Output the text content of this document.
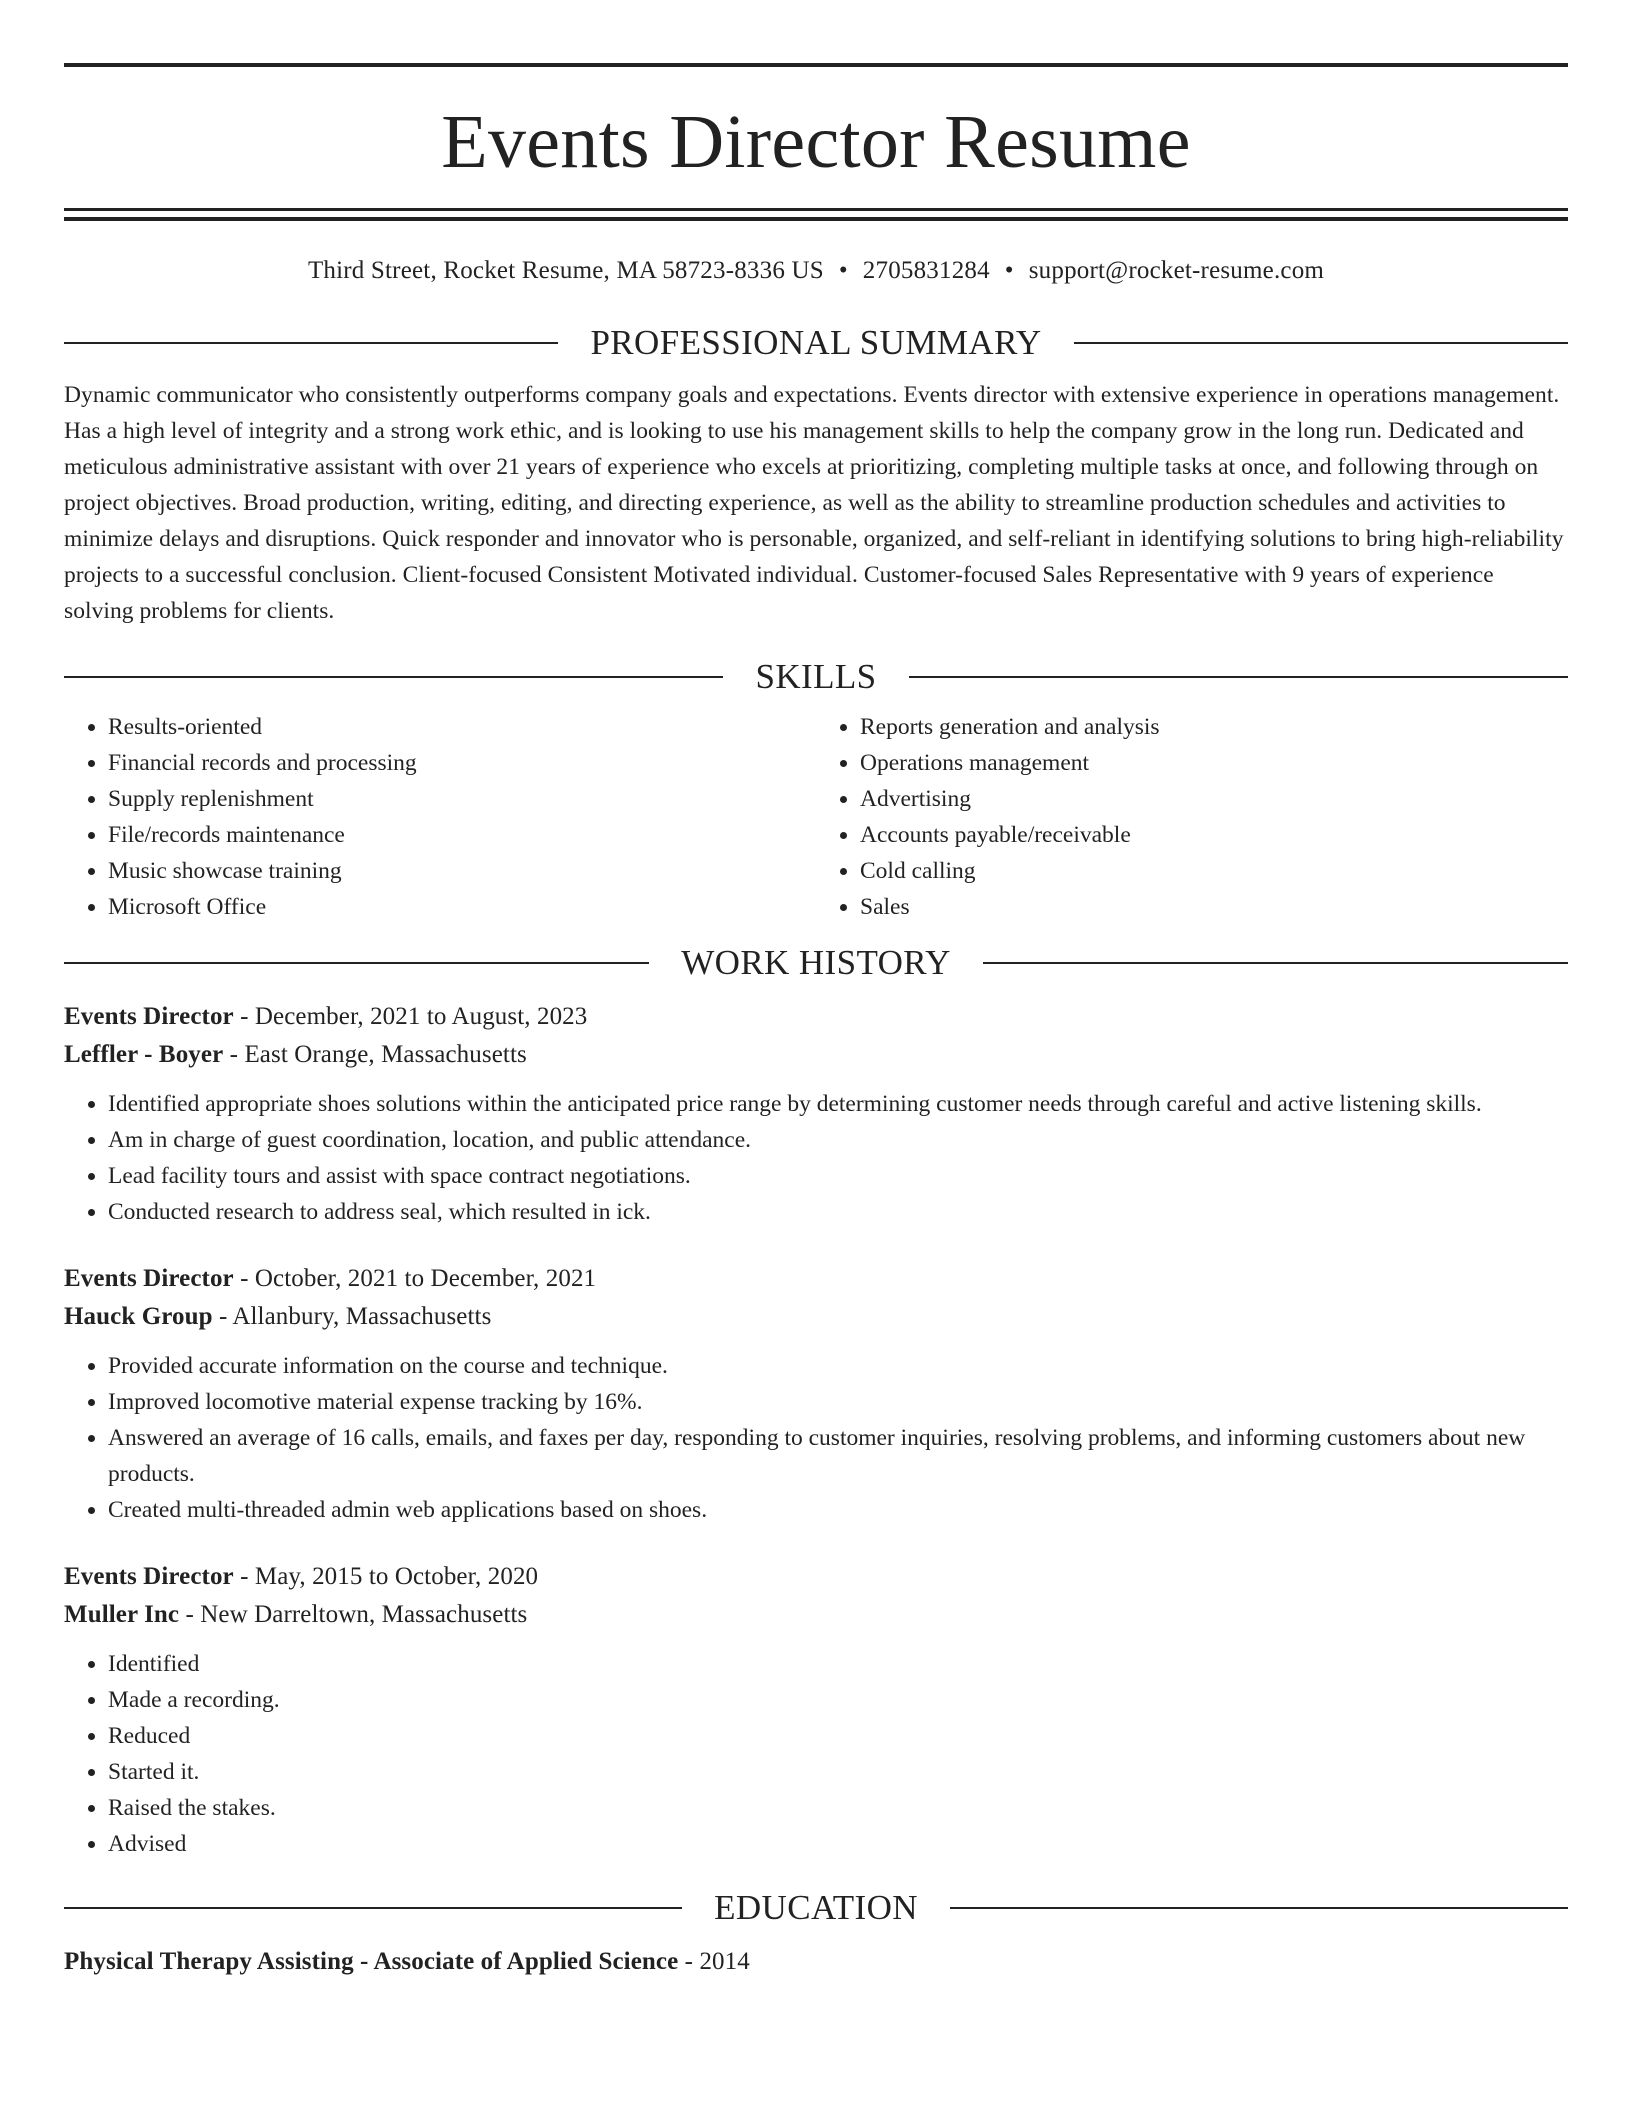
Events Director Resume
Third Street, Rocket Resume, MA 58723-8336 US • 2705831284 • support@rocket-resume.com
PROFESSIONAL SUMMARY
Dynamic communicator who consistently outperforms company goals and expectations. Events director with extensive experience in operations management. Has a high level of integrity and a strong work ethic, and is looking to use his management skills to help the company grow in the long run. Dedicated and meticulous administrative assistant with over 21 years of experience who excels at prioritizing, completing multiple tasks at once, and following through on project objectives. Broad production, writing, editing, and directing experience, as well as the ability to streamline production schedules and activities to minimize delays and disruptions. Quick responder and innovator who is personable, organized, and self-reliant in identifying solutions to bring high-reliability projects to a successful conclusion. Client-focused Consistent Motivated individual. Customer-focused Sales Representative with 9 years of experience solving problems for clients.
SKILLS
• Results-oriented
• Financial records and processing
• Supply replenishment
• File/records maintenance
• Music showcase training
• Microsoft Office
• Reports generation and analysis
• Operations management
• Advertising
• Accounts payable/receivable
• Cold calling
• Sales
WORK HISTORY
Events Director - December, 2021 to August, 2023
Leffler - Boyer - East Orange, Massachusetts
• Identified appropriate shoes solutions within the anticipated price range by determining customer needs through careful and active listening skills.
• Am in charge of guest coordination, location, and public attendance.
• Lead facility tours and assist with space contract negotiations.
• Conducted research to address seal, which resulted in ick.
Events Director - October, 2021 to December, 2021
Hauck Group - Allanbury, Massachusetts
• Provided accurate information on the course and technique.
• Improved locomotive material expense tracking by 16%.
• Answered an average of 16 calls, emails, and faxes per day, responding to customer inquiries, resolving problems, and informing customers about new products.
• Created multi-threaded admin web applications based on shoes.
Events Director - May, 2015 to October, 2020
Muller Inc - New Darreltown, Massachusetts
• Identified
• Made a recording.
• Reduced
• Started it.
• Raised the stakes.
• Advised
EDUCATION
Physical Therapy Assisting - Associate of Applied Science - 2014
